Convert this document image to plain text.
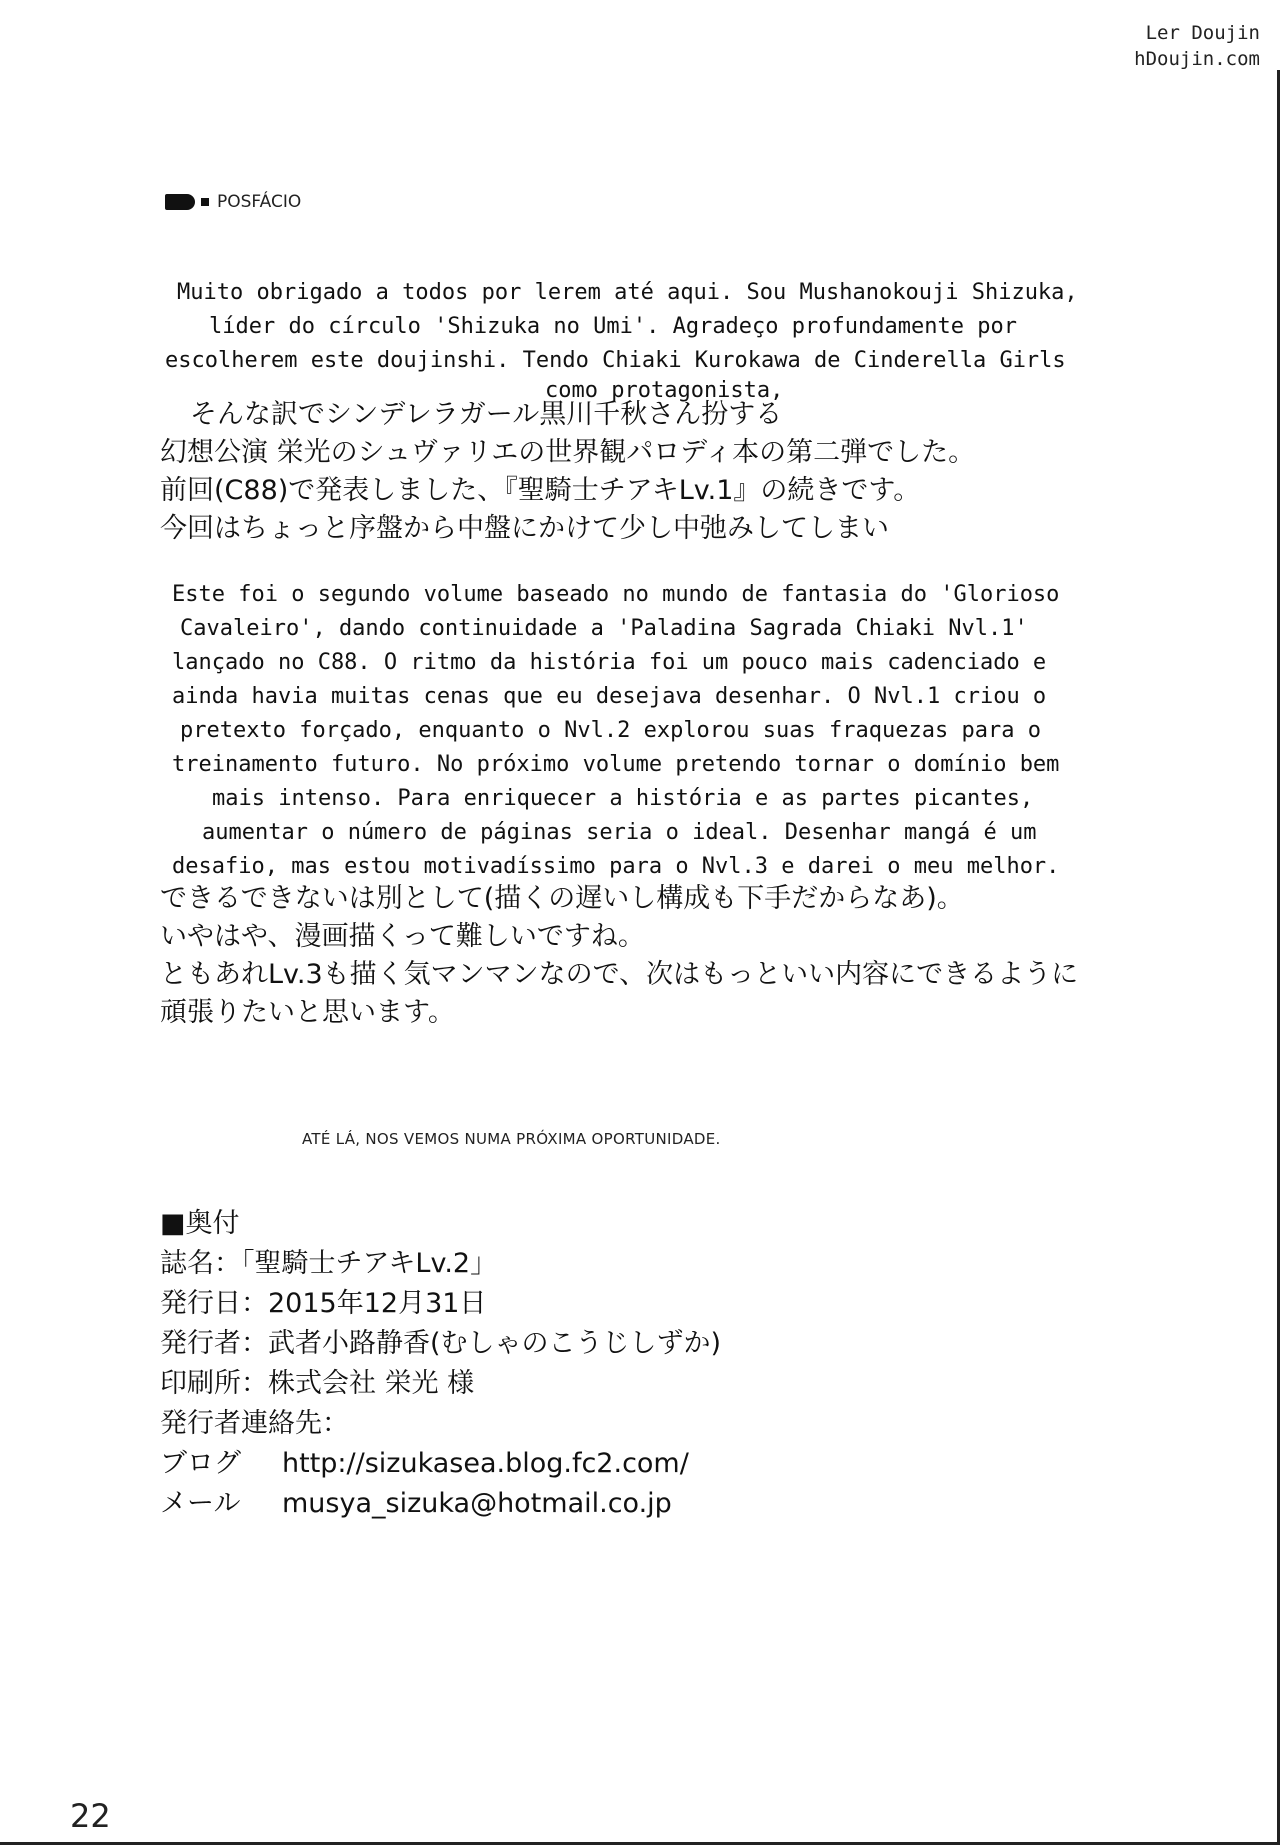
Ler Doujin
hDoujin.com
POSFÁCIO
Muito obrigado a todos por lerem até aqui. Sou Mushanokouji Shizuka,
líder do círculo 'Shizuka no Umi'. Agradeço profundamente por
escolherem este doujinshi. Tendo Chiaki Kurokawa de Cinderella Girls
como protagonista,
そんな訳でシンデレラガール黒川千秋さん扮する
幻想公演 栄光のシュヴァリエの世界観パロディ本の第二弾でした。
前回(C88)で発表しました、『聖騎士チアキLv.1』の続きです。
今回はちょっと序盤から中盤にかけて少し中弛みしてしまい
Este foi o segundo volume baseado no mundo de fantasia do 'Glorioso
Cavaleiro', dando continuidade a 'Paladina Sagrada Chiaki Nvl.1'
lançado no C88. O ritmo da história foi um pouco mais cadenciado e
ainda havia muitas cenas que eu desejava desenhar. O Nvl.1 criou o
pretexto forçado, enquanto o Nvl.2 explorou suas fraquezas para o
treinamento futuro. No próximo volume pretendo tornar o domínio bem
mais intenso. Para enriquecer a história e as partes picantes,
aumentar o número de páginas seria o ideal. Desenhar mangá é um
desafio, mas estou motivadíssimo para o Nvl.3 e darei o meu melhor.
できるできないは別として(描くの遅いし構成も下手だからなあ)。
いやはや、漫画描くって難しいですね。
ともあれLv.3も描く気マンマンなので、次はもっといい内容にできるように
頑張りたいと思います。
ATÉ LÁ, NOS VEMOS NUMA PRÓXIMA OPORTUNIDADE.
■奥付
誌名：「聖騎士チアキLv.2」
発行日：2015年12月31日
発行者：武者小路静香(むしゃのこうじしずか)
印刷所：株式会社 栄光 様
発行者連絡先：
ブログ	http://sizukasea.blog.fc2.com/
メール	musya_sizuka@hotmail.co.jp
22
